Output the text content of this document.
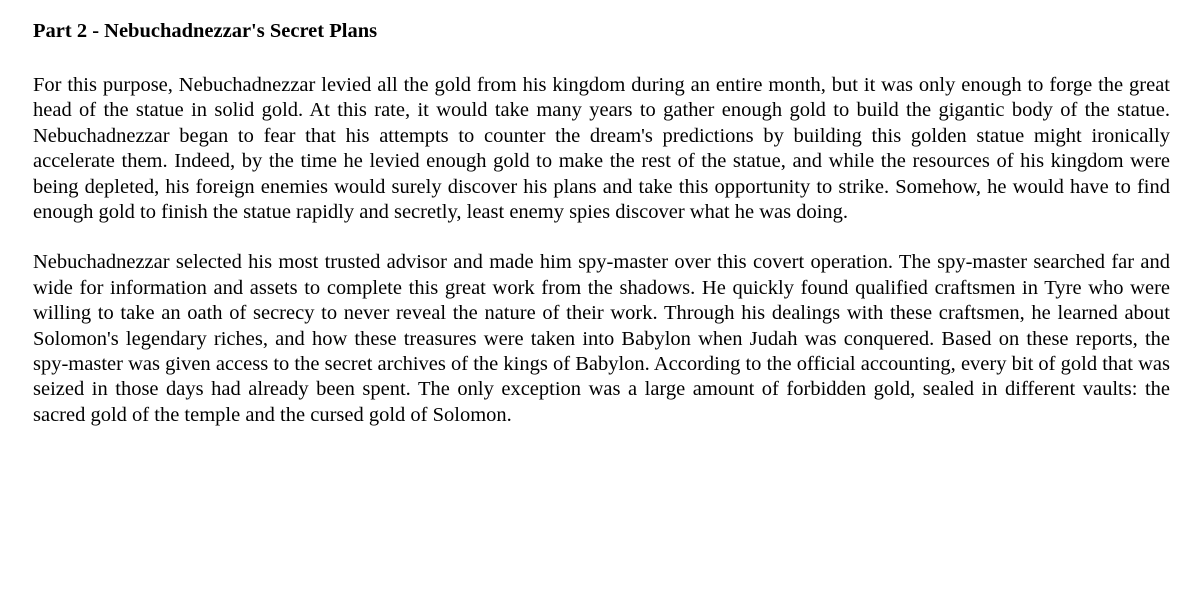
Part 2 - Nebuchadnezzar's Secret Plans

For this purpose, Nebuchadnezzar levied all the gold from his kingdom during an entire month, but it was only enough to forge the great head of the statue in solid gold. At this rate, it would take many years to gather enough gold to build the gigantic body of the statue. Nebuchadnezzar began to fear that his attempts to counter the dream's predictions by building this golden statue might ironically accelerate them. Indeed, by the time he levied enough gold to make the rest of the statue, and while the resources of his kingdom were being depleted, his foreign enemies would surely discover his plans and take this opportunity to strike. Somehow, he would have to find enough gold to finish the statue rapidly and secretly, least enemy spies discover what he was doing.

Nebuchadnezzar selected his most trusted advisor and made him spy-master over this covert operation. The spy-master searched far and wide for information and assets to complete this great work from the shadows. He quickly found qualified craftsmen in Tyre who were willing to take an oath of secrecy to never reveal the nature of their work. Through his dealings with these craftsmen, he learned about Solomon's legendary riches, and how these treasures were taken into Babylon when Judah was conquered. Based on these reports, the spy-master was given access to the secret archives of the kings of Babylon. According to the official accounting, every bit of gold that was seized in those days had already been spent. The only exception was a large amount of forbidden gold, sealed in different vaults: the sacred gold of the temple and the cursed gold of Solomon.
